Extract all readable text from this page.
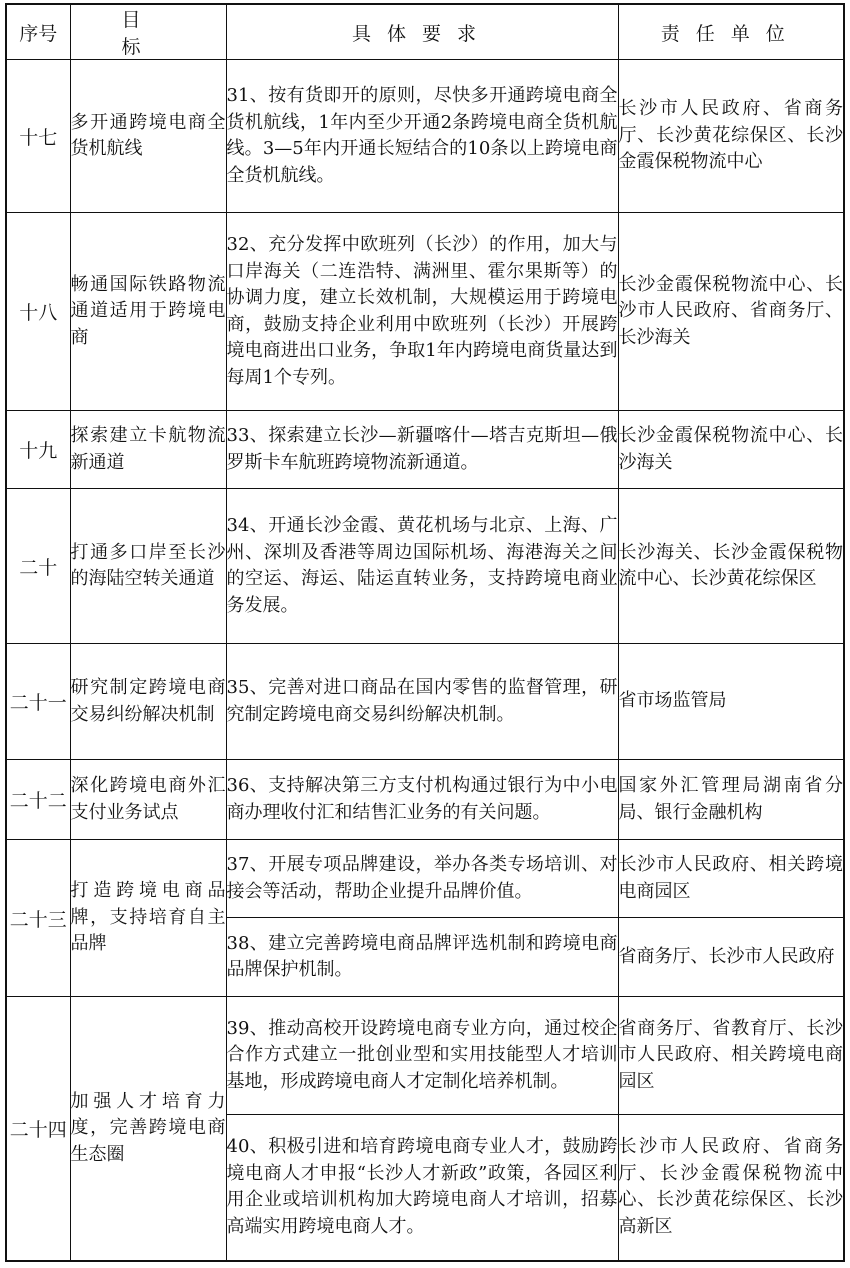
序号	目　标	具体要求	责任单位
十七	多开通跨境电商全货机航线	31、按有货即开的原则，尽快多开通跨境电商全货机航线，1年内至少开通2条跨境电商全货机航线。3—5年内开通长短结合的10条以上跨境电商全货机航线。	长沙市人民政府、省商务厅、长沙黄花综保区、长沙金霞保税物流中心
十八	畅通国际铁路物流通道适用于跨境电商	32、充分发挥中欧班列（长沙）的作用，加大与口岸海关（二连浩特、满洲里、霍尔果斯等）的协调力度，建立长效机制，大规模运用于跨境电商，鼓励支持企业利用中欧班列（长沙）开展跨境电商进出口业务，争取1年内跨境电商货量达到每周1个专列。	长沙金霞保税物流中心、长沙市人民政府、省商务厅、长沙海关
十九	探索建立卡航物流新通道	33、探索建立长沙—新疆喀什—塔吉克斯坦—俄罗斯卡车航班跨境物流新通道。	长沙金霞保税物流中心、长沙海关
二十	打通多口岸至长沙的海陆空转关通道	34、开通长沙金霞、黄花机场与北京、上海、广州、深圳及香港等周边国际机场、海港海关之间的空运、海运、陆运直转业务，支持跨境电商业务发展。	长沙海关、长沙金霞保税物流中心、长沙黄花综保区
二十一	研究制定跨境电商交易纠纷解决机制	35、完善对进口商品在国内零售的监督管理，研究制定跨境电商交易纠纷解决机制。	省市场监管局
二十二	深化跨境电商外汇支付业务试点	36、支持解决第三方支付机构通过银行为中小电商办理收付汇和结售汇业务的有关问题。	国家外汇管理局湖南省分局、银行金融机构
二十三	打造跨境电商品牌，支持培育自主品牌	37、开展专项品牌建设，举办各类专场培训、对接会等活动，帮助企业提升品牌价值。	长沙市人民政府、相关跨境电商园区
		38、建立完善跨境电商品牌评选机制和跨境电商品牌保护机制。	省商务厅、长沙市人民政府
二十四	加强人才培育力度，完善跨境电商生态圈	39、推动高校开设跨境电商专业方向，通过校企合作方式建立一批创业型和实用技能型人才培训基地，形成跨境电商人才定制化培养机制。	省商务厅、省教育厅、长沙市人民政府、相关跨境电商园区
		40、积极引进和培育跨境电商专业人才，鼓励跨境电商人才申报“长沙人才新政”政策，各园区利用企业或培训机构加大跨境电商人才培训，招募高端实用跨境电商人才。	长沙市人民政府、省商务厅、长沙金霞保税物流中心、长沙黄花综保区、长沙高新区
